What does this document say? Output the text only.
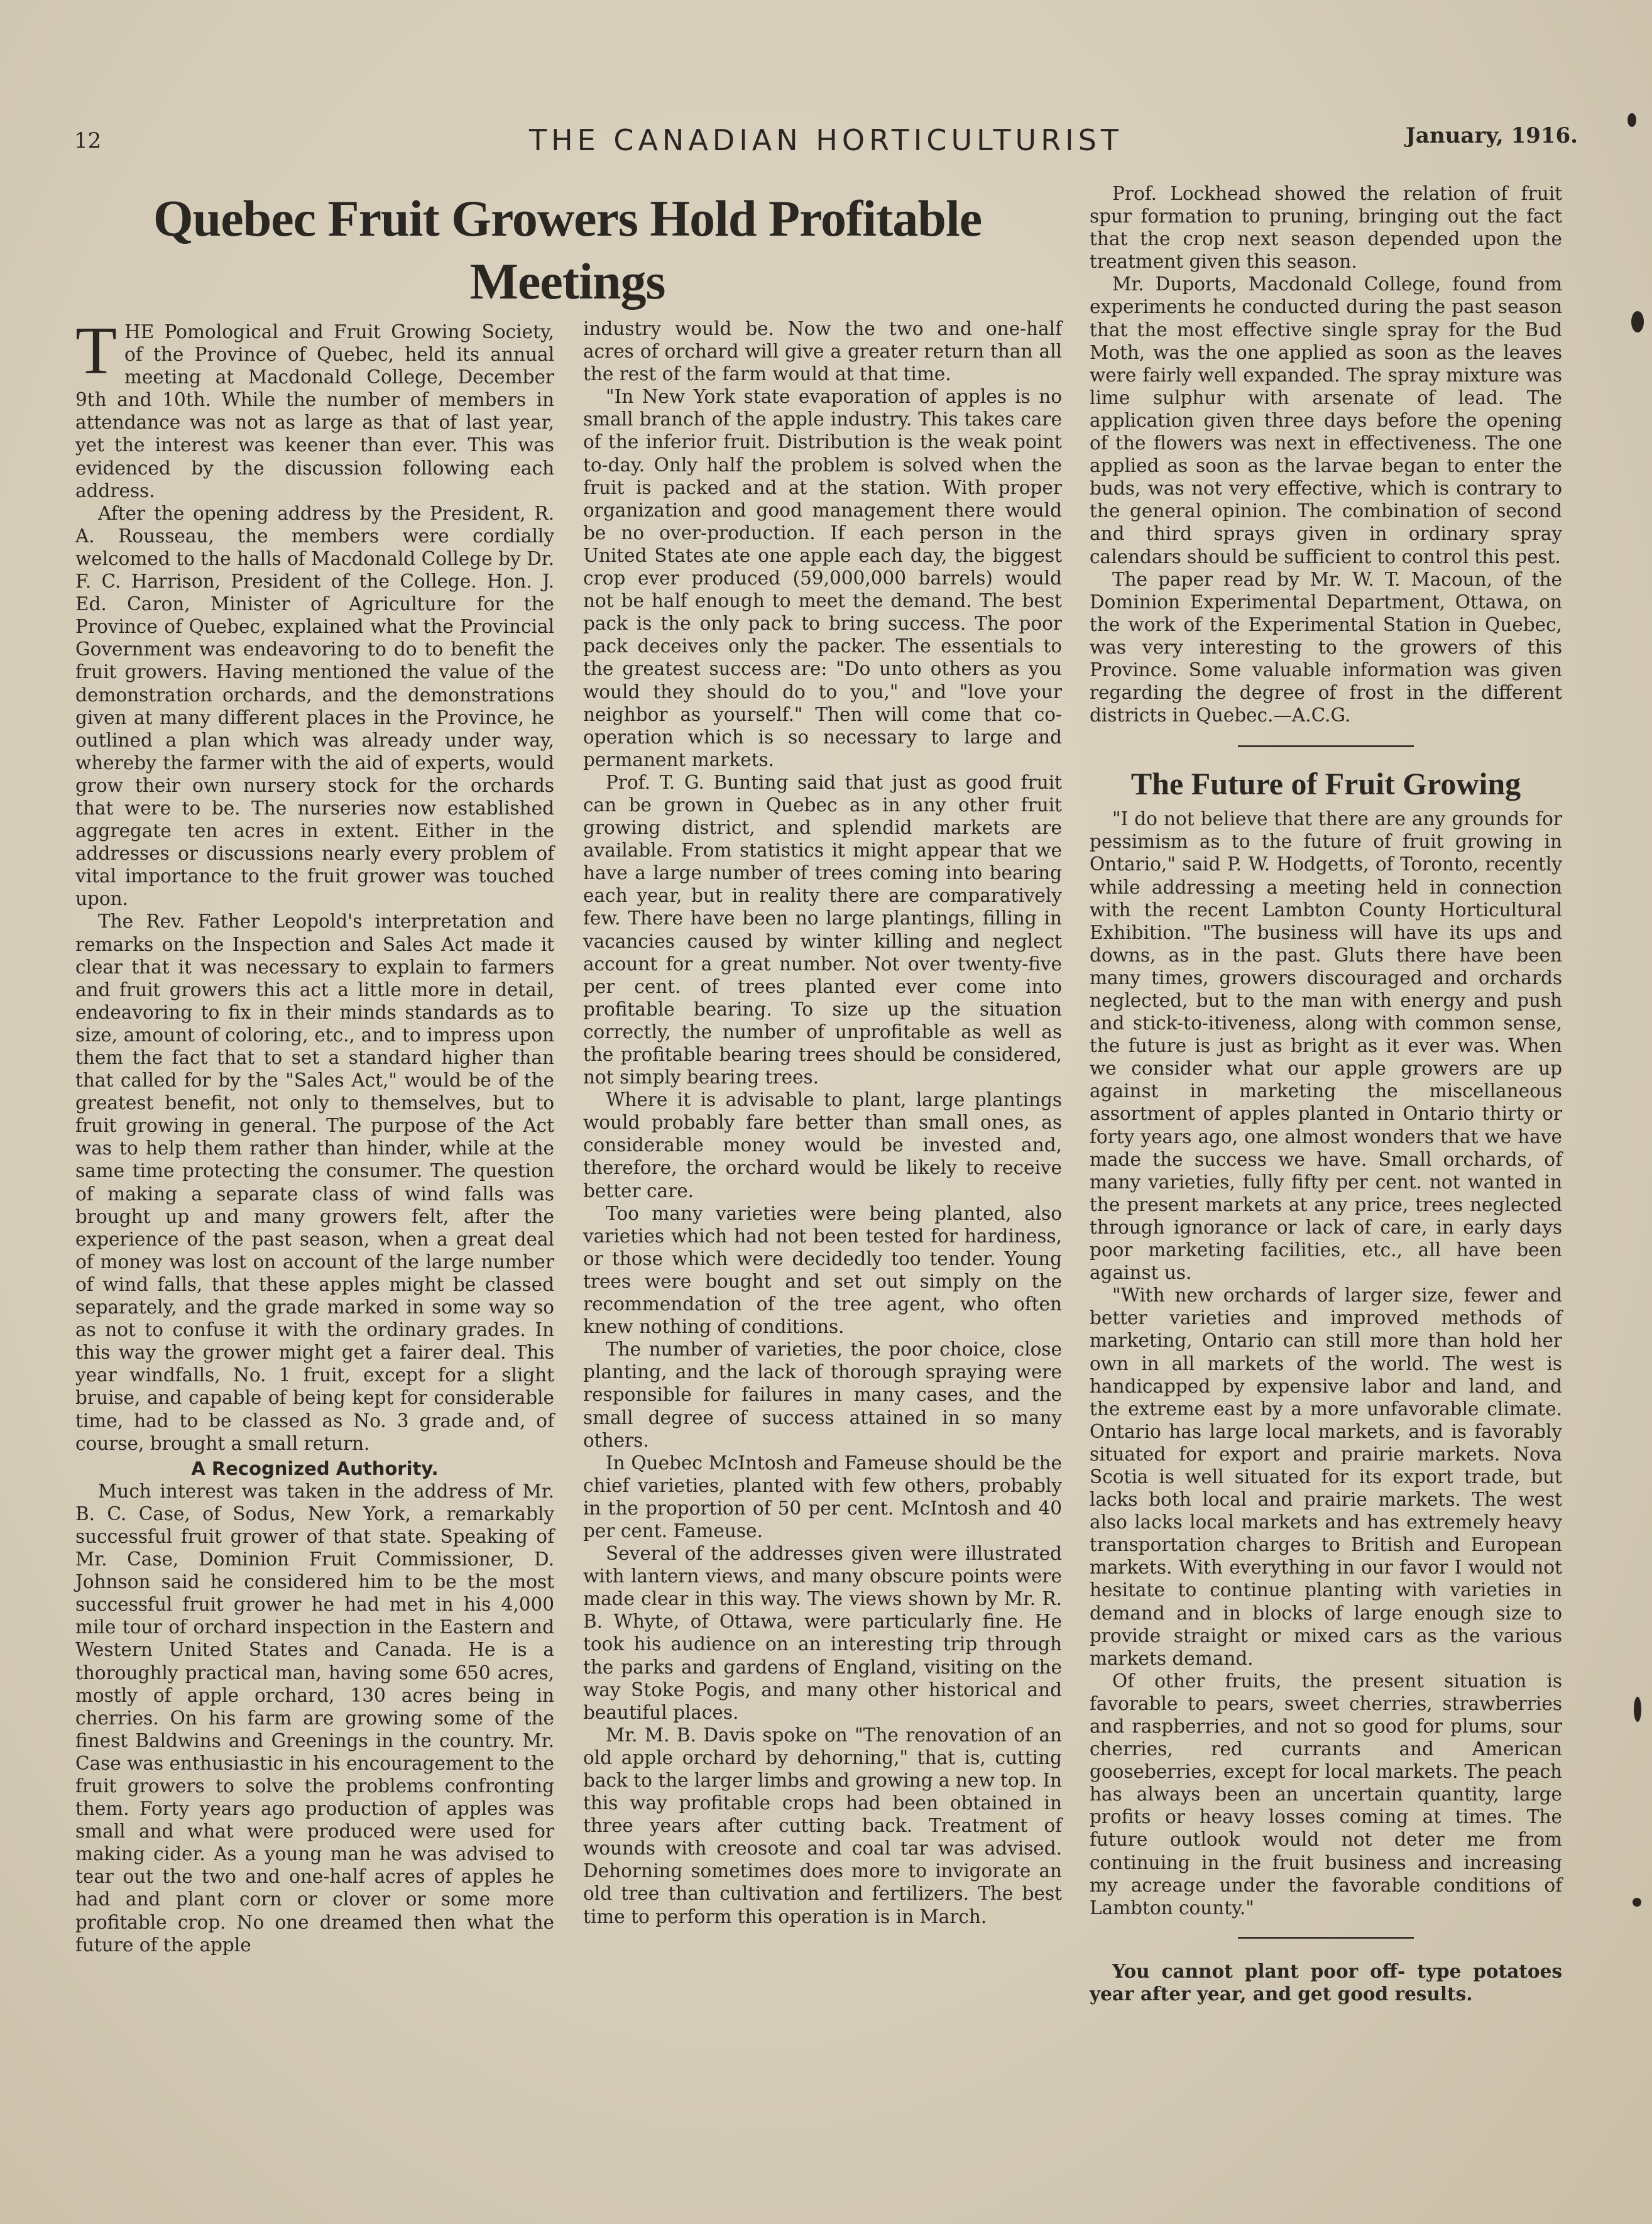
12	THE CANADIAN HORTICULTURIST	January, 1916.
Quebec Fruit Growers Hold Profitable Meetings

THE Pomological and Fruit Growing Society, of the Province of Quebec, held its annual meeting at Macdonald College, December 9th and 10th. While the number of members in attendance was not as large as that of last year, yet the interest was keener than ever. This was evidenced by the discussion following each address.

After the opening address by the President, R. A. Rousseau, the members were cordially welcomed to the halls of Macdonald College by Dr. F. C. Harrison, President of the College. Hon. J. Ed. Caron, Minister of Agriculture for the Province of Quebec, explained what the Provincial Government was endeavoring to do to benefit the fruit growers. Having mentioned the value of the demonstration orchards, and the demonstrations given at many different places in the Province, he outlined a plan which was already under way, whereby the farmer with the aid of experts, would grow their own nursery stock for the orchards that were to be. The nurseries now established aggregate ten acres in extent. Either in the addresses or discussions nearly every problem of vital importance to the fruit grower was touched upon.

The Rev. Father Leopold's interpretation and remarks on the Inspection and Sales Act made it clear that it was necessary to explain to farmers and fruit growers this act a little more in detail, endeavoring to fix in their minds standards as to size, amount of coloring, etc., and to impress upon them the fact that to set a standard higher than that called for by the "Sales Act," would be of the greatest benefit, not only to themselves, but to fruit growing in general. The purpose of the Act was to help them rather than hinder, while at the same time protecting the consumer. The question of making a separate class of wind falls was brought up and many growers felt, after the experience of the past season, when a great deal of money was lost on account of the large number of wind falls, that these apples might be classed separately, and the grade marked in some way so as not to confuse it with the ordinary grades. In this way the grower might get a fairer deal. This year windfalls, No. 1 fruit, except for a slight bruise, and capable of being kept for considerable time, had to be classed as No. 3 grade and, of course, brought a small return.

A Recognized Authority.

Much interest was taken in the address of Mr. B. C. Case, of Sodus, New York, a remarkably successful fruit grower of that state. Speaking of Mr. Case, Dominion Fruit Commissioner, D. Johnson said he considered him to be the most successful fruit grower he had met in his 4,000 mile tour of orchard inspection in the Eastern and Western United States and Canada. He is a thoroughly practical man, having some 650 acres, mostly of apple orchard, 130 acres being in cherries. On his farm are growing some of the finest Baldwins and Greenings in the country. Mr. Case was enthusiastic in his encouragement to the fruit growers to solve the problems confronting them. Forty years ago production of apples was small and what were produced were used for making cider. As a young man he was advised to tear out the two and one-half acres of apples he had and plant corn or clover or some more profitable crop. No one dreamed then what the future of the apple

industry would be. Now the two and one-half acres of orchard will give a greater return than all the rest of the farm would at that time.

"In New York state evaporation of apples is no small branch of the apple industry. This takes care of the inferior fruit. Distribution is the weak point to-day. Only half the problem is solved when the fruit is packed and at the station. With proper organization and good management there would be no over-production. If each person in the United States ate one apple each day, the biggest crop ever produced (59,000,000 barrels) would not be half enough to meet the demand. The best pack is the only pack to bring success. The poor pack deceives only the packer. The essentials to the greatest success are: "Do unto others as you would they should do to you," and "love your neighbor as yourself." Then will come that co-operation which is so necessary to large and permanent markets.

Prof. T. G. Bunting said that just as good fruit can be grown in Quebec as in any other fruit growing district, and splendid markets are available. From statistics it might appear that we have a large number of trees coming into bearing each year, but in reality there are comparatively few. There have been no large plantings, filling in vacancies caused by winter killing and neglect account for a great number. Not over twenty-five per cent. of trees planted ever come into profitable bearing. To size up the situation correctly, the number of unprofitable as well as the profitable bearing trees should be considered, not simply bearing trees.

Where it is advisable to plant, large plantings would probably fare better than small ones, as considerable money would be invested and, therefore, the orchard would be likely to receive better care.

Too many varieties were being planted, also varieties which had not been tested for hardiness, or those which were decidedly too tender. Young trees were bought and set out simply on the recommendation of the tree agent, who often knew nothing of conditions.

The number of varieties, the poor choice, close planting, and the lack of thorough spraying were responsible for failures in many cases, and the small degree of success attained in so many others.

In Quebec McIntosh and Fameuse should be the chief varieties, planted with few others, probably in the proportion of 50 per cent. McIntosh and 40 per cent. Fameuse.

Several of the addresses given were illustrated with lantern views, and many obscure points were made clear in this way. The views shown by Mr. R. B. Whyte, of Ottawa, were particularly fine. He took his audience on an interesting trip through the parks and gardens of England, visiting on the way Stoke Pogis, and many other historical and beautiful places.

Mr. M. B. Davis spoke on "The renovation of an old apple orchard by dehorning," that is, cutting back to the larger limbs and growing a new top. In this way profitable crops had been obtained in three years after cutting back. Treatment of wounds with creosote and coal tar was advised. Dehorning sometimes does more to invigorate an old tree than cultivation and fertilizers. The best time to perform this operation is in March.

Prof. Lockhead showed the relation of fruit spur formation to pruning, bringing out the fact that the crop next season depended upon the treatment given this season.

Mr. Duports, Macdonald College, found from experiments he conducted during the past season that the most effective single spray for the Bud Moth, was the one applied as soon as the leaves were fairly well expanded. The spray mixture was lime sulphur with arsenate of lead. The application given three days before the opening of the flowers was next in effectiveness. The one applied as soon as the larvae began to enter the buds, was not very effective, which is contrary to the general opinion. The combination of second and third sprays given in ordinary spray calendars should be sufficient to control this pest.

The paper read by Mr. W. T. Macoun, of the Dominion Experimental Department, Ottawa, on the work of the Experimental Station in Quebec, was very interesting to the growers of this Province. Some valuable information was given regarding the degree of frost in the different districts in Quebec.—A.C.G.

The Future of Fruit Growing

"I do not believe that there are any grounds for pessimism as to the future of fruit growing in Ontario," said P. W. Hodgetts, of Toronto, recently while addressing a meeting held in connection with the recent Lambton County Horticultural Exhibition. "The business will have its ups and downs, as in the past. Gluts there have been many times, growers discouraged and orchards neglected, but to the man with energy and push and stick-to-itiveness, along with common sense, the future is just as bright as it ever was. When we consider what our apple growers are up against in marketing the miscellaneous assortment of apples planted in Ontario thirty or forty years ago, one almost wonders that we have made the success we have. Small orchards, of many varieties, fully fifty per cent. not wanted in the present markets at any price, trees neglected through ignorance or lack of care, in early days poor marketing facilities, etc., all have been against us.

"With new orchards of larger size, fewer and better varieties and improved methods of marketing, Ontario can still more than hold her own in all markets of the world. The west is handicapped by expensive labor and land, and the extreme east by a more unfavorable climate. Ontario has large local markets, and is favorably situated for export and prairie markets. Nova Scotia is well situated for its export trade, but lacks both local and prairie markets. The west also lacks local markets and has extremely heavy transportation charges to British and European markets. With everything in our favor I would not hesitate to continue planting with varieties in demand and in blocks of large enough size to provide straight or mixed cars as the various markets demand.

Of other fruits, the present situation is favorable to pears, sweet cherries, strawberries and raspberries, and not so good for plums, sour cherries, red currants and American gooseberries, except for local markets. The peach has always been an uncertain quantity, large profits or heavy losses coming at times. The future outlook would not deter me from continuing in the fruit business and increasing my acreage under the favorable conditions of Lambton county."

You cannot plant poor off- type potatoes year after year, and get good results.
